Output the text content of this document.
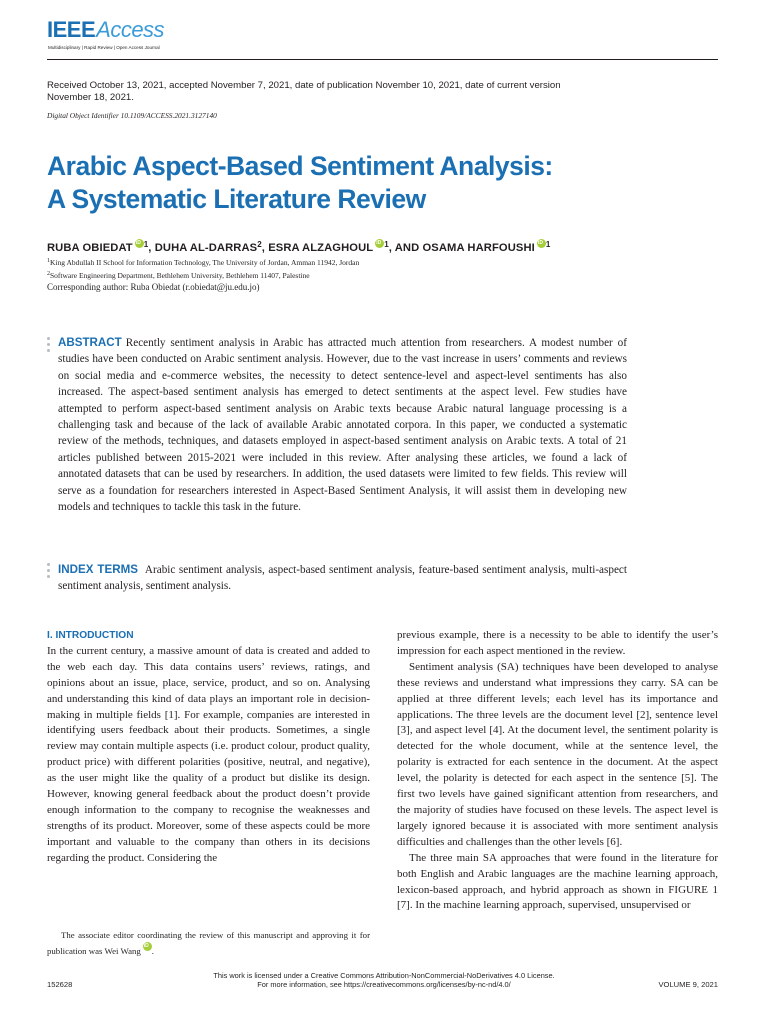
IEEEAccess
Multidisciplinary | Rapid Review | Open Access Journal
Received October 13, 2021, accepted November 7, 2021, date of publication November 10, 2021, date of current version November 18, 2021.
Digital Object Identifier 10.1109/ACCESS.2021.3127140
Arabic Aspect-Based Sentiment Analysis:
A Systematic Literature Review
RUBA OBIEDAT iD $^1$, DUHA AL-DARRAS$^2$, ESRA ALZAGHOUL iD $^1$, AND OSAMA HARFOUSHI iD $^1$
$^1$King Abdullah II School for Information Technology, The University of Jordan, Amman 11942, Jordan
$^2$Software Engineering Department, Bethlehem University, Bethlehem 11407, Palestine
Corresponding author: Ruba Obiedat (r.obiedat@ju.edu.jo)
ABSTRACT Recently sentiment analysis in Arabic has attracted much attention from researchers. A modest number of studies have been conducted on Arabic sentiment analysis. However, due to the vast increase in users’ comments and reviews on social media and e-commerce websites, the necessity to detect sentence-level and aspect-level sentiments has also increased. The aspect-based sentiment analysis has emerged to detect sentiments at the aspect level. Few studies have attempted to perform aspect-based sentiment analysis on Arabic texts because Arabic natural language processing is a challenging task and because of the lack of available Arabic annotated corpora. In this paper, we conducted a systematic review of the methods, techniques, and datasets employed in aspect-based sentiment analysis on Arabic texts. A total of 21 articles published between 2015-2021 were included in this review. After analysing these articles, we found a lack of annotated datasets that can be used by researchers. In addition, the used datasets were limited to few fields. This review will serve as a foundation for researchers interested in Aspect-Based Sentiment Analysis, it will assist them in developing new models and techniques to tackle this task in the future.
INDEX TERMS Arabic sentiment analysis, aspect-based sentiment analysis, feature-based sentiment analysis, multi-aspect sentiment analysis, sentiment analysis.
I. INTRODUCTION

In the current century, a massive amount of data is created and added to the web each day. This data contains users’ reviews, ratings, and opinions about an issue, place, service, product, and so on. Analysing and understanding this kind of data plays an important role in decision-making in multiple fields [1]. For example, companies are interested in identifying users feedback about their products. Sometimes, a single review may contain multiple aspects (i.e. product colour, product quality, product price) with different polarities (positive, neutral, and negative), as the user might like the quality of a product but dislike its design. However, knowing general feedback about the product doesn’t provide enough information to the company to recognise the weaknesses and strengths of its product. Moreover, some of these aspects could be more important and valuable to the company than others in its decisions regarding the product. Considering the

previous example, there is a necessity to be able to identify the user’s impression for each aspect mentioned in the review.

Sentiment analysis (SA) techniques have been developed to analyse these reviews and understand what impressions they carry. SA can be applied at three different levels; each level has its importance and applications. The three levels are the document level [2], sentence level [3], and aspect level [4]. At the document level, the sentiment polarity is detected for the whole document, while at the sentence level, the polarity is extracted for each sentence in the document. At the aspect level, the polarity is detected for each aspect in the sentence [5]. The first two levels have gained significant attention from researchers, and the majority of studies have focused on these levels. The aspect level is largely ignored because it is associated with more sentiment analysis difficulties and challenges than the other levels [6].

The three main SA approaches that were found in the literature for both English and Arabic languages are the machine learning approach, lexicon-based approach, and hybrid approach as shown in FIGURE 1 [7]. In the machine learning approach, supervised, unsupervised or

The associate editor coordinating the review of this manuscript and approving it for publication was Wei Wang iD .
This work is licensed under a Creative Commons Attribution-NonCommercial-NoDerivatives 4.0 License.
For more information, see https://creativecommons.org/licenses/by-nc-nd/4.0/
152628	VOLUME 9, 2021
